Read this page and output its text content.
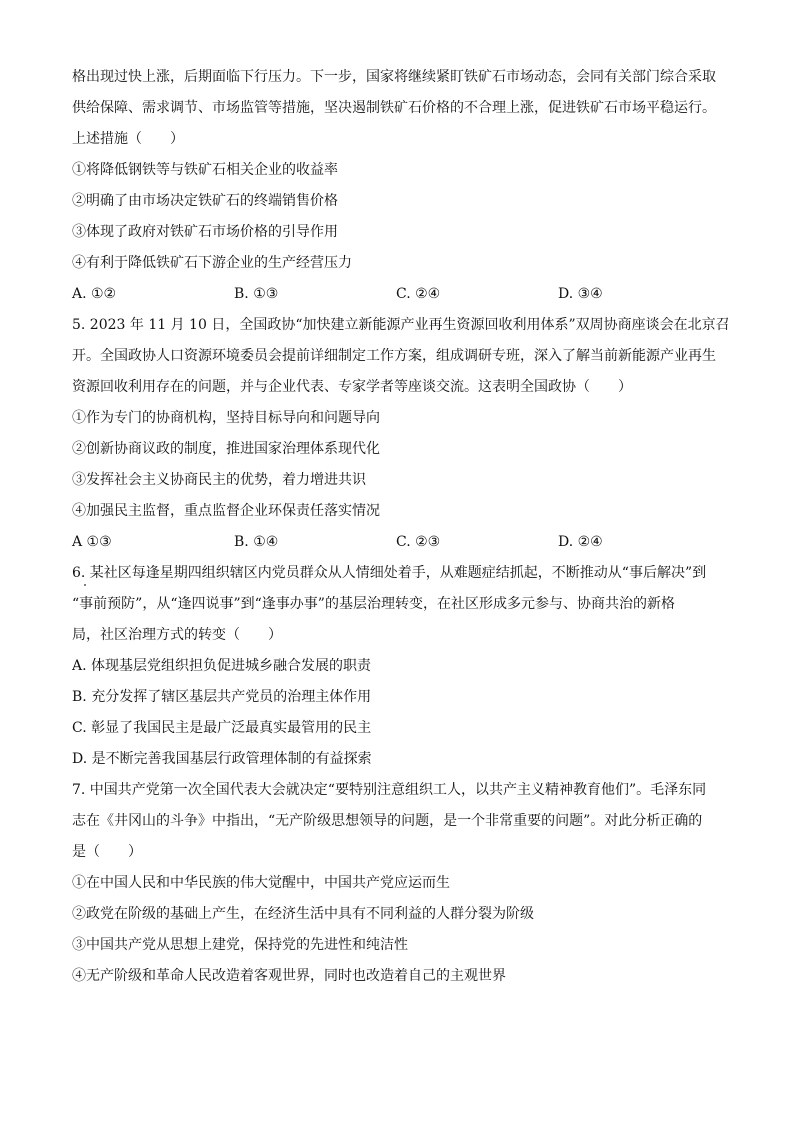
格出现过快上涨，后期面临下行压力。下一步，国家将继续紧盯铁矿石市场动态，会同有关部门综合采取
供给保障、需求调节、市场监管等措施，坚决遏制铁矿石价格的不合理上涨，促进铁矿石市场平稳运行。
上述措施（　　）
①将降低钢铁等与铁矿石相关企业的收益率
②明确了由市场决定铁矿石的终端销售价格
③体现了政府对铁矿石市场价格的引导作用
④有利于降低铁矿石下游企业的生产经营压力
A. ①②	B. ①③	C. ②④	D. ③④
5. 2023 年 11 月 10 日，全国政协“加快建立新能源产业再生资源回收利用体系”双周协商座谈会在北京召
开。全国政协人口资源环境委员会提前详细制定工作方案，组成调研专班，深入了解当前新能源产业再生
资源回收利用存在的问题，并与企业代表、专家学者等座谈交流。这表明全国政协（　　）
①作为专门的协商机构，坚持目标导向和问题导向
②创新协商议政的制度，推进国家治理体系现代化
③发挥社会主义协商民主的优势，着力增进共识
④加强民主监督，重点监督企业环保责任落实情况
A ①③	B. ①④	C. ②③	D. ②④
6. 某社区每逢星期四组织辖区内党员群众从人情细处着手，从难题症结抓起，不断推动从“事后解决”到
“事前预防”，从“逢四说事”到“逢事办事”的基层治理转变，在社区形成多元参与、协商共治的新格
局，社区治理方式的转变（　　）
A. 体现基层党组织担负促进城乡融合发展的职责
B. 充分发挥了辖区基层共产党员的治理主体作用
C. 彰显了我国民主是最广泛最真实最管用的民主
D. 是不断完善我国基层行政管理体制的有益探索
7. 中国共产党第一次全国代表大会就决定“要特别注意组织工人，以共产主义精神教育他们”。毛泽东同
志在《井冈山的斗争》中指出，“无产阶级思想领导的问题，是一个非常重要的问题”。对此分析正确的
是（　　）
①在中国人民和中华民族的伟大觉醒中，中国共产党应运而生
②政党在阶级的基础上产生，在经济生活中具有不同利益的人群分裂为阶级
③中国共产党从思想上建党，保持党的先进性和纯洁性
④无产阶级和革命人民改造着客观世界，同时也改造着自己的主观世界
